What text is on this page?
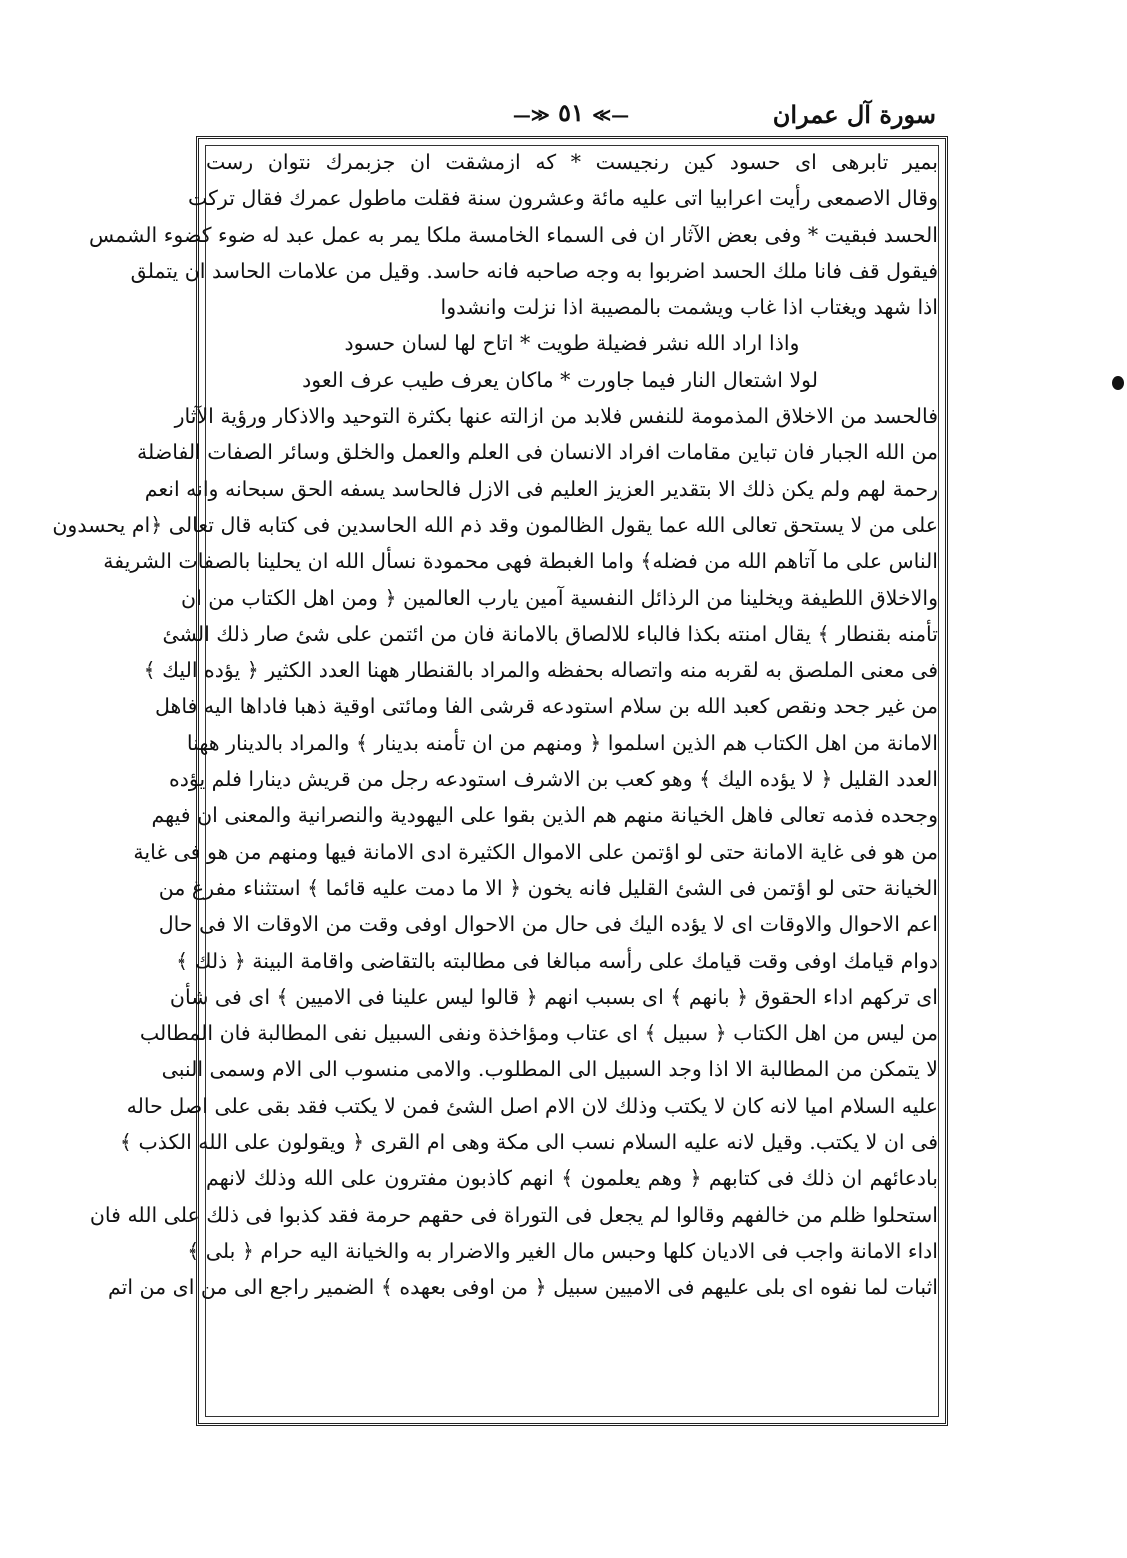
سورة آل عمران
—≫ ٥١ ≪—
بمیر تابرهی ای حسود کین رنجیست * که ازمشقت ان جزبمرك نتوان رست
وقال الاصمعی رأيت اعرابيا اتى عليه مائة وعشرون سنة فقلت ماطول عمرك فقال تركت
الحسد فبقيت * وفى بعض الآثار ان فى السماء الخامسة ملكا يمر به عمل عبد له ضوء كضوء الشمس
فيقول قف فانا ملك الحسد اضربوا به وجه صاحبه فانه حاسد. وقيل من علامات الحاسد ان يتملق
اذا شهد ويغتاب اذا غاب ويشمت بالمصيبة اذا نزلت وانشدوا
واذا اراد الله نشر فضيلة طويت * اتاح لها لسان حسود
لولا اشتعال النار فيما جاورت * ماكان يعرف طيب عرف العود
فالحسد من الاخلاق المذمومة للنفس فلابد من ازالته عنها بكثرة التوحيد والاذكار ورؤية الآثار
من الله الجبار فان تباين مقامات افراد الانسان فى العلم والعمل والخلق وسائر الصفات الفاضلة
رحمة لهم ولم يكن ذلك الا بتقدير العزيز العليم فى الازل فالحاسد يسفه الحق سبحانه وانه انعم
على من لا يستحق تعالى الله عما يقول الظالمون وقد ذم الله الحاسدين فى كتابه قال تعالى ﴿ام يحسدون
الناس على ما آتاهم الله من فضله﴾ واما الغبطة فهى محمودة نسأل الله ان يحلينا بالصفات الشريفة
والاخلاق اللطيفة ويخلينا من الرذائل النفسية آمين يارب العالمين ﴿ ومن اهل الكتاب من ان
تأمنه بقنطار ﴾ يقال امنته بكذا فالباء للالصاق بالامانة فان من ائتمن على شئ صار ذلك الشئ
فى معنى الملصق به لقربه منه واتصاله بحفظه والمراد بالقنطار ههنا العدد الكثير ﴿ يؤده اليك ﴾
من غير جحد ونقص كعبد الله بن سلام استودعه قرشى الفا ومائتى اوقية ذهبا فاداها اليه فاهل
الامانة من اهل الكتاب هم الذين اسلموا ﴿ ومنهم من ان تأمنه بدينار ﴾ والمراد بالدينار ههنا
العدد القليل ﴿ لا يؤده اليك ﴾ وهو كعب بن الاشرف استودعه رجل من قريش دينارا فلم يؤده
وجحده فذمه تعالى فاهل الخيانة منهم هم الذين بقوا على اليهودية والنصرانية والمعنى ان فيهم
من هو فى غاية الامانة حتى لو اؤتمن على الاموال الكثيرة ادى الامانة فيها ومنهم من هو فى غاية
الخيانة حتى لو اؤتمن فى الشئ القليل فانه يخون ﴿ الا ما دمت عليه قائما ﴾ استثناء مفرغ من
اعم الاحوال والاوقات اى لا يؤده اليك فى حال من الاحوال اوفى وقت من الاوقات الا فى حال
دوام قيامك اوفى وقت قيامك على رأسه مبالغا فى مطالبته بالتقاضى واقامة البينة ﴿ ذلك ﴾
اى تركهم اداء الحقوق ﴿ بانهم ﴾ اى بسبب انهم ﴿ قالوا ليس علينا فى الاميين ﴾ اى فى شأن
من ليس من اهل الكتاب ﴿ سبيل ﴾ اى عتاب ومؤاخذة ونفى السبيل نفى المطالبة فان المطالب
لا يتمكن من المطالبة الا اذا وجد السبيل الى المطلوب. والامى منسوب الى الام وسمى النبى
عليه السلام اميا لانه كان لا يكتب وذلك لان الام اصل الشئ فمن لا يكتب فقد بقى على اصل حاله
فى ان لا يكتب. وقيل لانه عليه السلام نسب الى مكة وهى ام القرى ﴿ ويقولون على الله الكذب ﴾
بادعائهم ان ذلك فى كتابهم ﴿ وهم يعلمون ﴾ انهم كاذبون مفترون على الله وذلك لانهم
استحلوا ظلم من خالفهم وقالوا لم يجعل فى التوراة فى حقهم حرمة فقد كذبوا فى ذلك على الله فان
اداء الامانة واجب فى الاديان كلها وحبس مال الغير والاضرار به والخيانة اليه حرام ﴿ بلى ﴾
اثبات لما نفوه اى بلى عليهم فى الاميين سبيل ﴿ من اوفى بعهده ﴾ الضمير راجع الى من اى من اتم
